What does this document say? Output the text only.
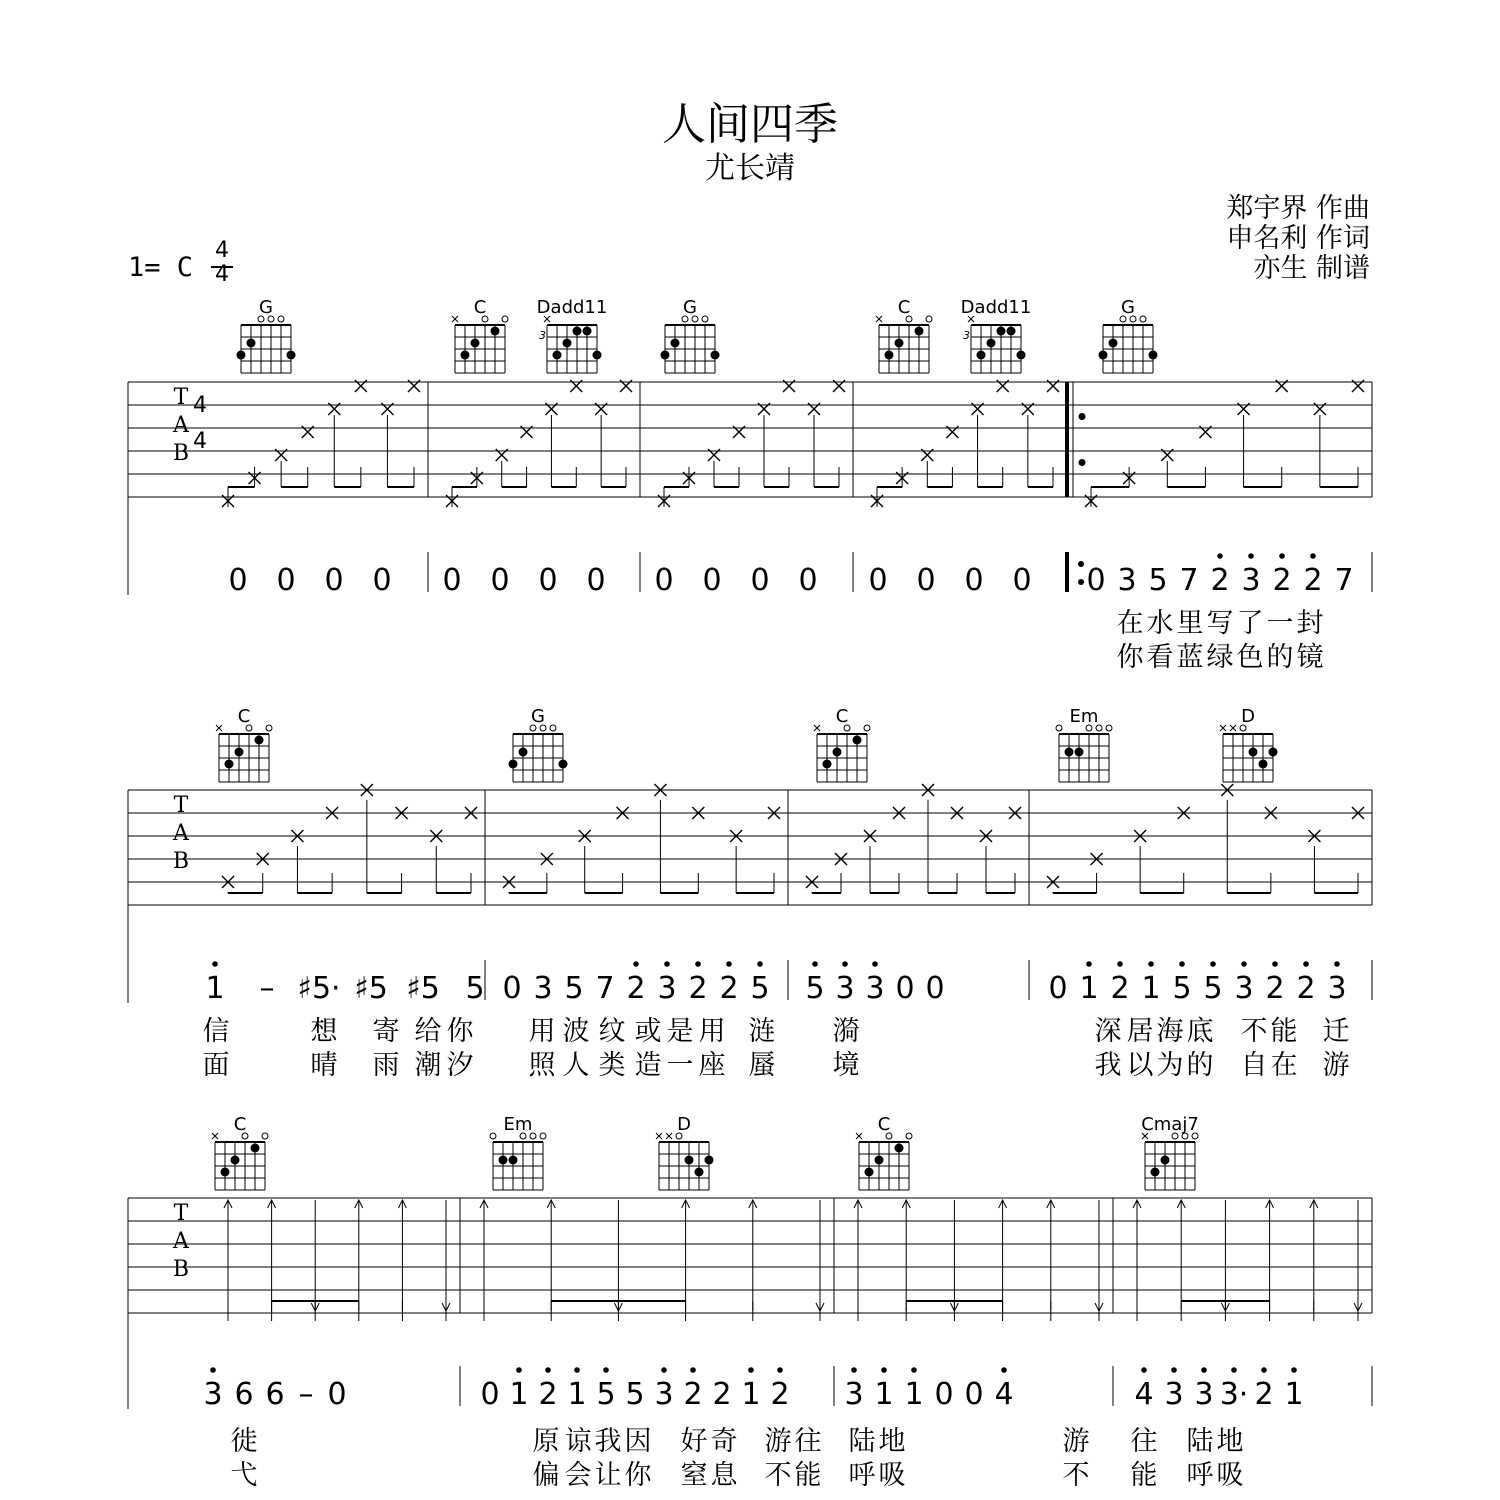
人间四季
尤长靖
郑宇界 作曲
申名利 作词
亦生 制谱
1= C
4
4
T
A
B
4
4
G	C	Dadd11
3
G	C	Dadd11
3
G
0 0 0 0 0 0 0 0 0 0 0 0 0 0 0 0 0 3 5 7 2 3 2 2 7
在 水 里 写 了 一 封
你 看 蓝 绿 色 的 镜
T
A
B
C	G	C	Em	D
1 – ♯5· ♯5 ♯5 5 0 3 5 7 2 3 2 2 5 5 3 3 0 0	0 1 2 1 5 5 3 2 2 3
信	想 寄 给 你 用 波 纹 或 是 用 涟 漪	深 居 海 底 不 能 迁
面	晴 雨 潮 汐 照 人 类 造 一 座 蜃 境	我 以 为 的 自 在 游
T
A
B
C	Em	D	C	Cmaj7
3 6 6 – 0	0 1 2 1 5 5 3 2 2 1 2 3 1 1 0 0 4	4 3 3 3· 2 1
徙	原 谅 我 因 好 奇 游 往 陆 地	游 往 陆 地
弋	偏 会 让 你 窒 息 不 能 呼 吸	不 能 呼 吸
